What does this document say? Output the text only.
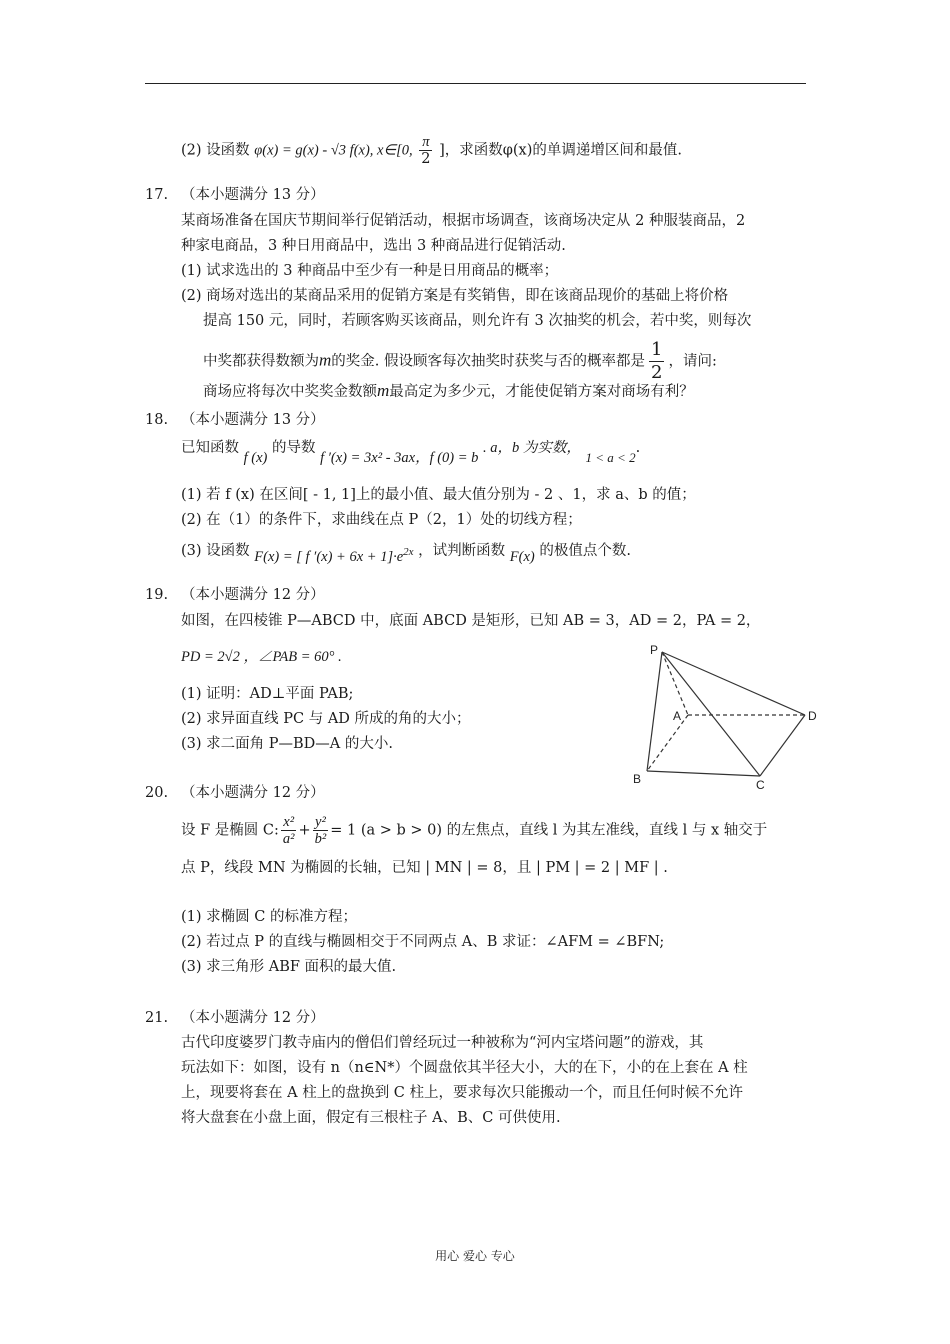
(2) 设函数 φ(x) = g(x) - √3 f(x), x∈[0, $\frac{\pi}{2}$ ]，求函数φ(x)的单调递增区间和最值.
17. （本小题满分 13 分）
某商场准备在国庆节期间举行促销活动，根据市场调查，该商场决定从 2 种服装商品，2
种家电商品，3 种日用商品中，选出 3 种商品进行促销活动.
(1) 试求选出的 3 种商品中至少有一种是日用商品的概率；
(2) 商场对选出的某商品采用的促销方案是有奖销售，即在该商品现价的基础上将价格
提高 150 元，同时，若顾客购买该商品，则允许有 3 次抽奖的机会，若中奖，则每次
中奖都获得数额为m的奖金. 假设顾客每次抽奖时获奖与否的概率都是 $\frac{1}{2}$ ，请问:
商场应将每次中奖奖金数额m最高定为多少元，才能使促销方案对商场有利？
18. （本小题满分 13 分）
已知函数 f (x) 的导数 f ′(x) = 3x² - 3ax，f (0) = b . a，b 为实数， 1 < a < 2.
(1) 若 f (x) 在区间[ - 1, 1]上的最小值、最大值分别为 - 2 、1，求 a、b 的值；
(2) 在（1）的条件下，求曲线在点 P（2，1）处的切线方程；
(3) 设函数 F(x) = [ f $'(x) + 6x + 1]\cdot e^{2x}$ ，试判断函数 F(x) 的极值点个数.
19. （本小题满分 12 分）
如图，在四棱锥 P—ABCD 中，底面 ABCD 是矩形，已知 AB = 3，AD = 2，PA = 2，
PD = 2√2 ，∠PAB = 60° .
(1) 证明：AD⊥平面 PAB;
(2) 求异面直线 PC 与 AD 所成的角的大小；
(3) 求二面角 P—BD—A 的大小.
P
A
B	C
D
20. （本小题满分 12 分）
设 F 是椭圆 C: $\frac{\text{x²}}{\text{a²}} + \frac{\text{y²}}{\text{b²}} = 1$ (a > b > 0) 的左焦点，直线 l 为其左准线，直线 l 与 x 轴交于
点 P，线段 MN 为椭圆的长轴，已知 | MN | = 8，且 | PM | = 2 | MF | .
(1) 求椭圆 C 的标准方程；
(2) 若过点 P 的直线与椭圆相交于不同两点 A、B 求证：∠AFM = ∠BFN;
(3) 求三角形 ABF 面积的最大值.
21. （本小题满分 12 分）
古代印度婆罗门教寺庙内的僧侣们曾经玩过一种被称为“河内宝塔问题”的游戏，其
玩法如下：如图，设有 n（n∈N*）个圆盘依其半径大小，大的在下，小的在上套在 A 柱
上，现要将套在 A 柱上的盘换到 C 柱上，要求每次只能搬动一个，而且任何时候不允许
将大盘套在小盘上面，假定有三根柱子 A、B、C 可供使用.
用心 爱心 专心
